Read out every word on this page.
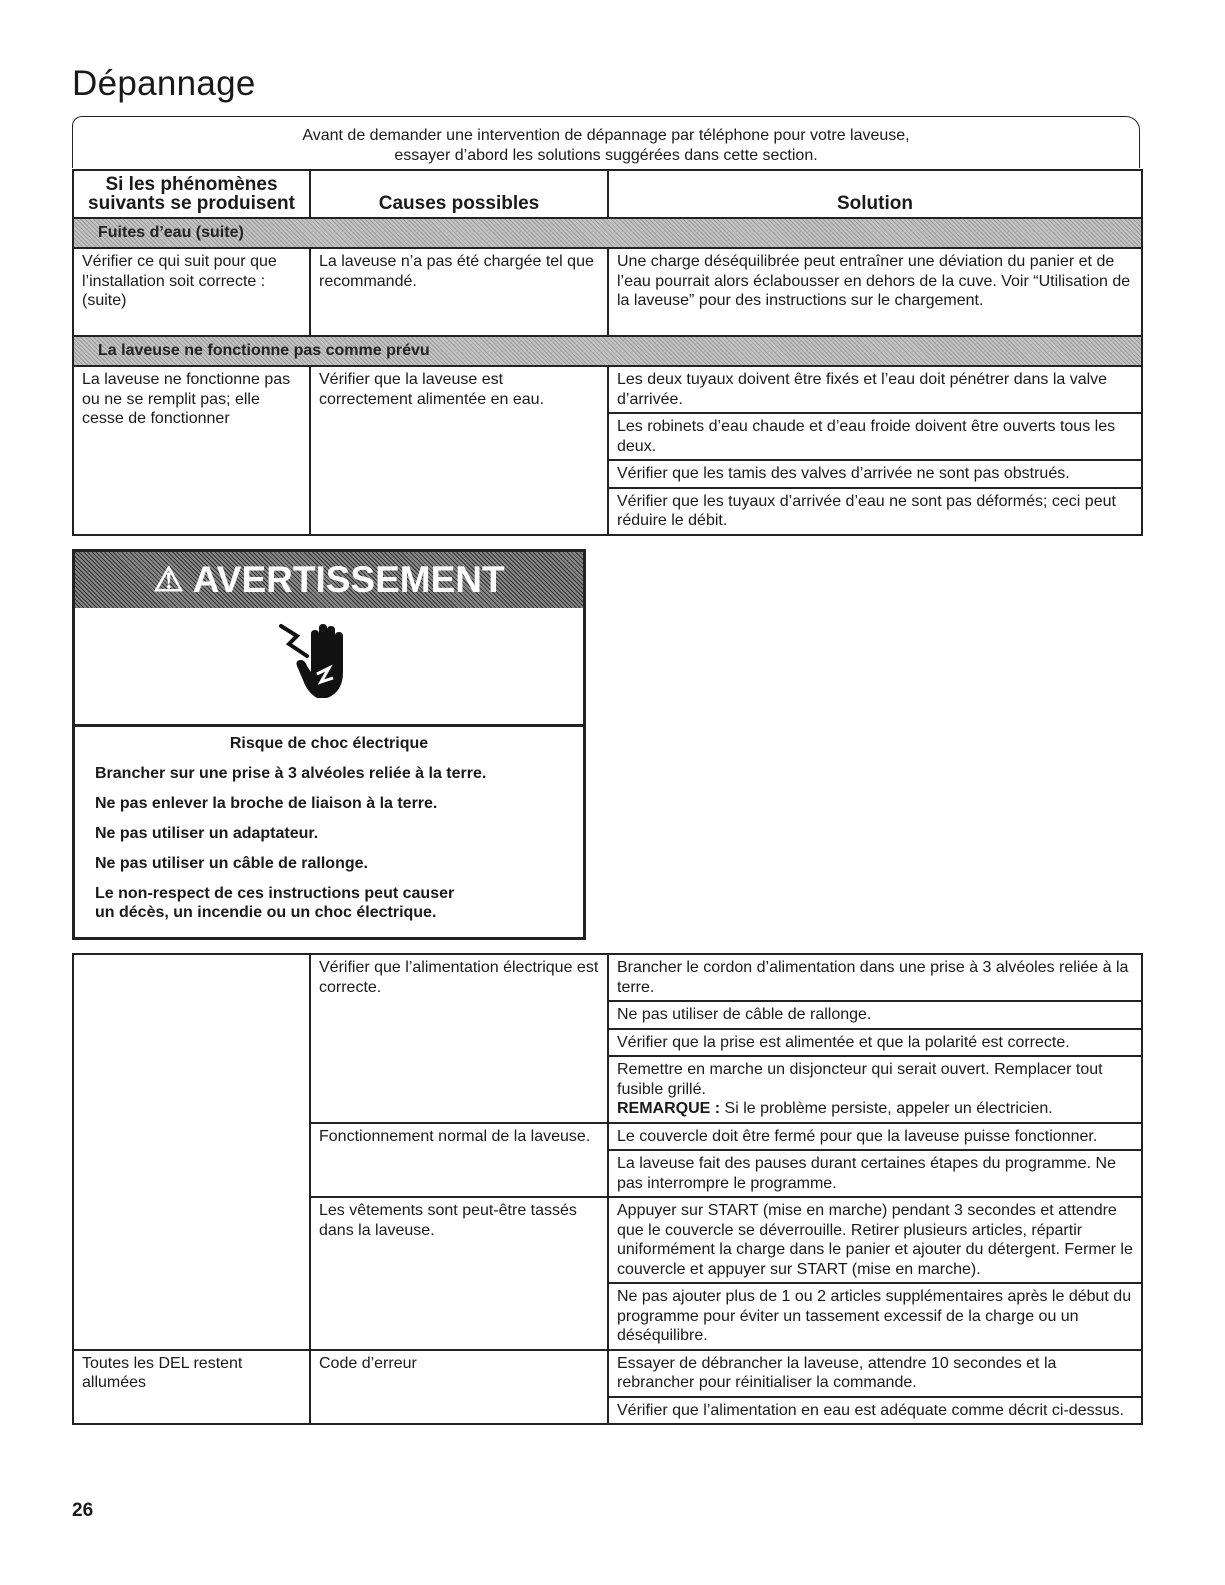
Dépannage
Avant de demander une intervention de dépannage par téléphone pour votre laveuse,
essayer d’abord les solutions suggérées dans cette section.
Si les phénomènes
suivants se produisent	Causes possibles	Solution
Fuites d’eau (suite)		
Vérifier ce qui suit pour que l’installation soit correcte : (suite)	La laveuse n’a pas été chargée tel que recommandé.	Une charge déséquilibrée peut entraîner une déviation du panier et de l’eau pourrait alors éclabousser en dehors de la cuve. Voir “Utilisation de la laveuse” pour des instructions sur le chargement.
La laveuse ne fonctionne pas comme prévu		
La laveuse ne fonctionne pas ou ne se remplit pas; elle cesse de fonctionner	Vérifier que la laveuse est correctement alimentée en eau.	Les deux tuyaux doivent être fixés et l’eau doit pénétrer dans la valve d’arrivée.
Les robinets d’eau chaude et d’eau froide doivent être ouverts tous les deux.
Vérifier que les tamis des valves d’arrivée ne sont pas obstrués.
Vérifier que les tuyaux d’arrivée d’eau ne sont pas déformés; ceci peut réduire le débit.
⚠ AVERTISSEMENT
Risque de choc électrique
Brancher sur une prise à 3 alvéoles reliée à la terre.
Ne pas enlever la broche de liaison à la terre.
Ne pas utiliser un adaptateur.
Ne pas utiliser un câble de rallonge.
Le non-respect de ces instructions peut causer
un décès, un incendie ou un choc électrique.
	Vérifier que l’alimentation électrique est correcte.	Brancher le cordon d’alimentation dans une prise à 3 alvéoles reliée à la terre.
Ne pas utiliser de câble de rallonge.
Vérifier que la prise est alimentée et que la polarité est correcte.
Remettre en marche un disjoncteur qui serait ouvert. Remplacer tout fusible grillé.
REMARQUE : Si le problème persiste, appeler un électricien.

	Fonctionnement normal de la laveuse.	Le couvercle doit être fermé pour que la laveuse puisse fonctionner.
La laveuse fait des pauses durant certaines étapes du programme. Ne pas interrompre le programme.

	Les vêtements sont peut-être tassés dans la laveuse.	Appuyer sur START (mise en marche) pendant 3 secondes et attendre que le couvercle se déverrouille. Retirer plusieurs articles, répartir uniformément la charge dans le panier et ajouter du détergent. Fermer le couvercle et appuyer sur START (mise en marche).
Ne pas ajouter plus de 1 ou 2 articles supplémentaires après le début du programme pour éviter un tassement excessif de la charge ou un déséquilibre.

Toutes les DEL restent allumées	Code d’erreur	Essayer de débrancher la laveuse, attendre 10 secondes et la rebrancher pour réinitialiser la commande.
Vérifier que l’alimentation en eau est adéquate comme décrit ci-dessus.
26
